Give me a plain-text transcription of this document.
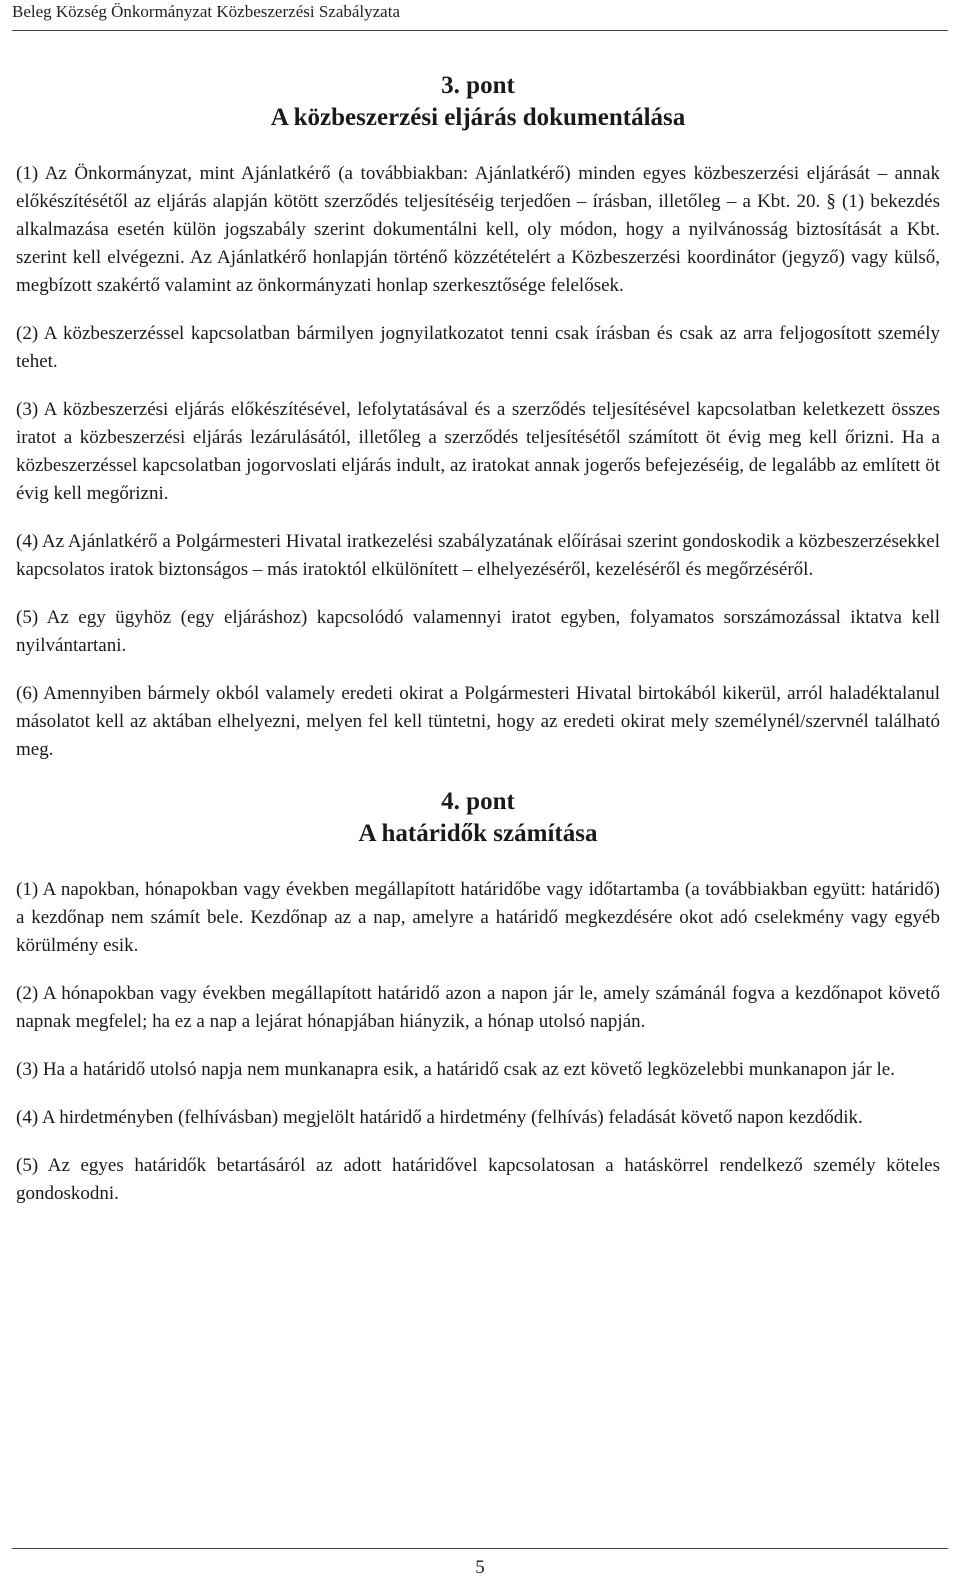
Beleg Község Önkormányzat Közbeszerzési Szabályzata
3. pont
A közbeszerzési eljárás dokumentálása

(1) Az Önkormányzat, mint Ajánlatkérő (a továbbiakban: Ajánlatkérő) minden egyes közbeszerzési eljárását – annak előkészítésétől az eljárás alapján kötött szerződés teljesítéséig terjedően – írásban, illetőleg – a Kbt. 20. § (1) bekezdés alkalmazása esetén külön jogszabály szerint dokumentálni kell, oly módon, hogy a nyilvánosság biztosítását a Kbt. szerint kell elvégezni. Az Ajánlatkérő honlapján történő közzétételért a Közbeszerzési koordinátor (jegyző) vagy külső, megbízott szakértő valamint az önkormányzati honlap szerkesztősége felelősek.

(2) A közbeszerzéssel kapcsolatban bármilyen jognyilatkozatot tenni csak írásban és csak az arra feljogosított személy tehet.

(3) A közbeszerzési eljárás előkészítésével, lefolytatásával és a szerződés teljesítésével kapcsolatban keletkezett összes iratot a közbeszerzési eljárás lezárulásától, illetőleg a szerződés teljesítésétől számított öt évig meg kell őrizni. Ha a közbeszerzéssel kapcsolatban jogorvoslati eljárás indult, az iratokat annak jogerős befejezéséig, de legalább az említett öt évig kell megőrizni.

(4) Az Ajánlatkérő a Polgármesteri Hivatal iratkezelési szabályzatának előírásai szerint gondoskodik a közbeszerzésekkel kapcsolatos iratok biztonságos – más iratoktól elkülönített – elhelyezéséről, kezeléséről és megőrzéséről.

(5) Az egy ügyhöz (egy eljáráshoz) kapcsolódó valamennyi iratot egyben, folyamatos sorszámozással iktatva kell nyilvántartani.

(6) Amennyiben bármely okból valamely eredeti okirat a Polgármesteri Hivatal birtokából kikerül, arról haladéktalanul másolatot kell az aktában elhelyezni, melyen fel kell tüntetni, hogy az eredeti okirat mely személynél/szervnél található meg.

4. pont
A határidők számítása

(1) A napokban, hónapokban vagy években megállapított határidőbe vagy időtartamba (a továbbiakban együtt: határidő) a kezdőnap nem számít bele. Kezdőnap az a nap, amelyre a határidő megkezdésére okot adó cselekmény vagy egyéb körülmény esik.

(2) A hónapokban vagy években megállapított határidő azon a napon jár le, amely számánál fogva a kezdőnapot követő napnak megfelel; ha ez a nap a lejárat hónapjában hiányzik, a hónap utolsó napján.

(3) Ha a határidő utolsó napja nem munkanapra esik, a határidő csak az ezt követő legközelebbi munkanapon jár le.

(4) A hirdetményben (felhívásban) megjelölt határidő a hirdetmény (felhívás) feladását követő napon kezdődik.

(5) Az egyes határidők betartásáról az adott határidővel kapcsolatosan a hatáskörrel rendelkező személy köteles gondoskodni.

5
